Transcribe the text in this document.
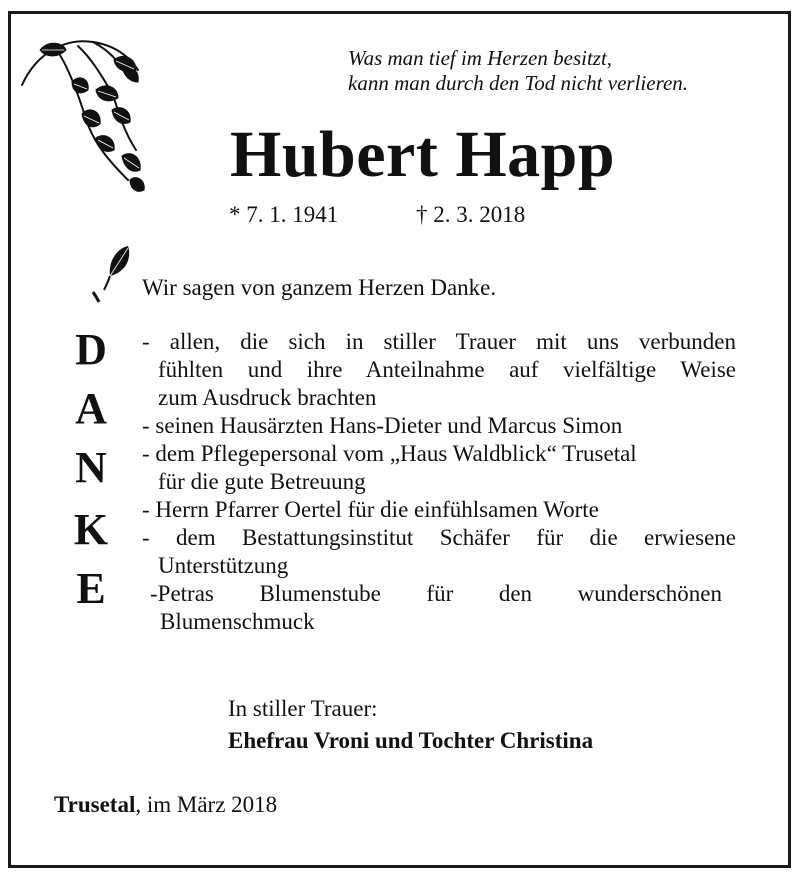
Was man tief im Herzen besitzt,
kann man durch den Tod nicht verlieren.
Hubert Happ
* 7. 1. 1941	† 2. 3. 2018
Wir sagen von ganzem Herzen Danke.
D
A
N
K
E
- allen, die sich in stiller Trauer mit uns verbunden
fühlten und ihre Anteilnahme auf vielfältige Weise
zum Ausdruck brachten
- seinen Hausärzten Hans-Dieter und Marcus Simon
- dem Pflegepersonal vom „Haus Waldblick“ Trusetal
für die gute Betreuung
- Herrn Pfarrer Oertel für die einfühlsamen Worte
- dem Bestattungsinstitut Schäfer für die erwiesene
Unterstützung
-Petras Blumenstube für den wunderschönen
Blumenschmuck
In stiller Trauer:
Ehefrau Vroni und Tochter Christina
Trusetal, im März 2018
